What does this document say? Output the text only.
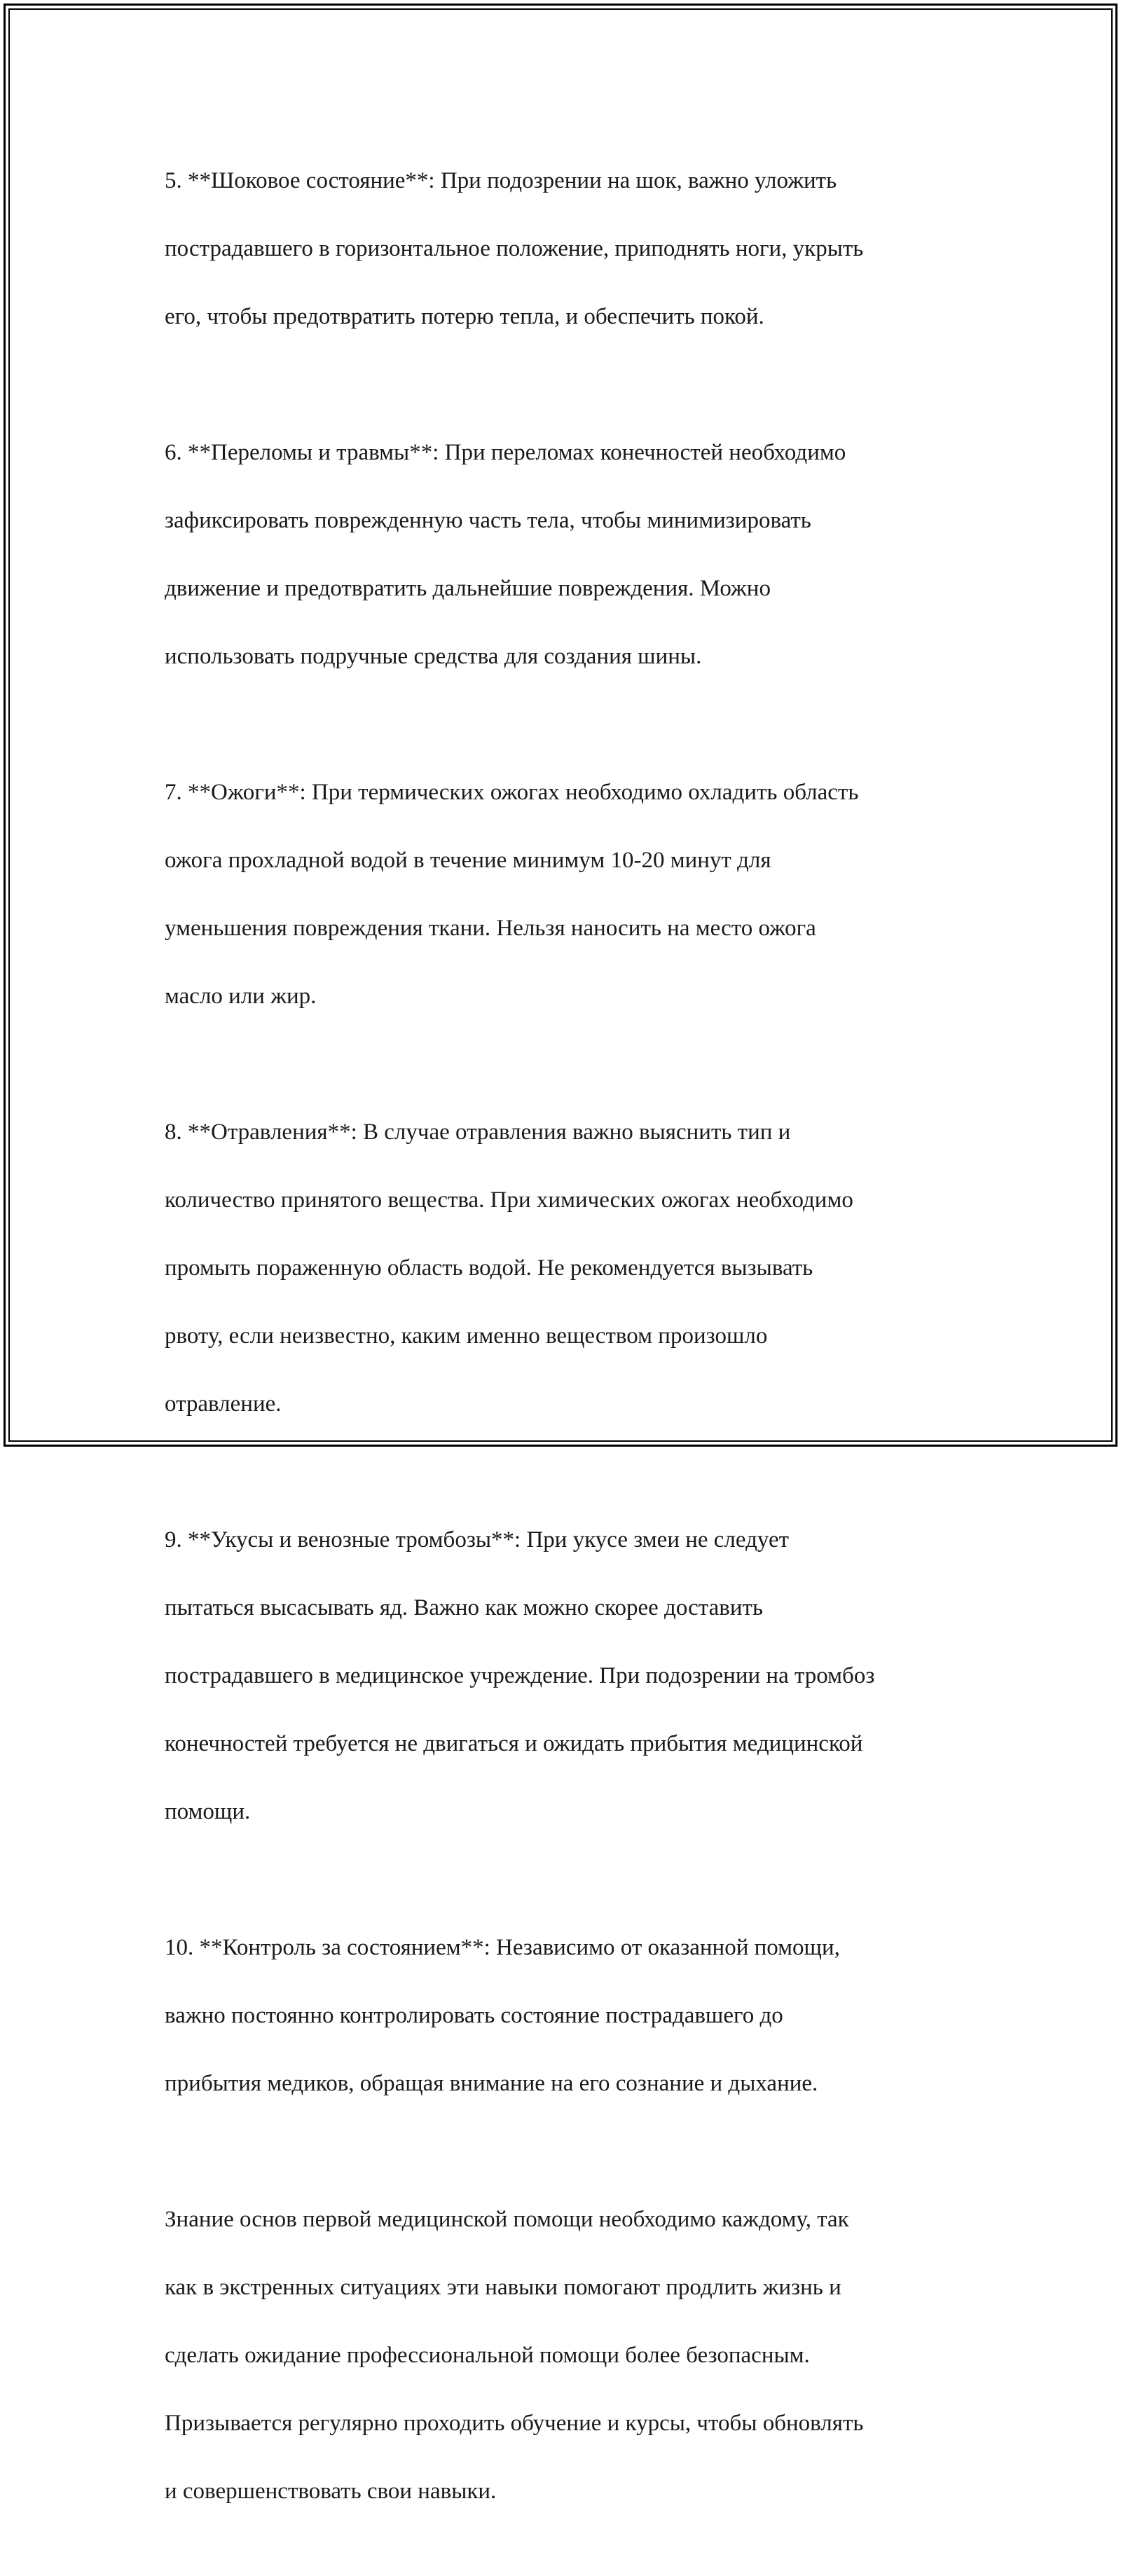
5. **Шоковое состояние**: При подозрении на шок, важно уложить

пострадавшего в горизонтальное положение, приподнять ноги, укрыть

его, чтобы предотвратить потерю тепла, и обеспечить покой.

6. **Переломы и травмы**: При переломах конечностей необходимо

зафиксировать поврежденную часть тела, чтобы минимизировать

движение и предотвратить дальнейшие повреждения. Можно

использовать подручные средства для создания шины.

7. **Ожоги**: При термических ожогах необходимо охладить область

ожога прохладной водой в течение минимум 10-20 минут для

уменьшения повреждения ткани. Нельзя наносить на место ожога

масло или жир.

8. **Отравления**: В случае отравления важно выяснить тип и

количество принятого вещества. При химических ожогах необходимо

промыть пораженную область водой. Не рекомендуется вызывать

рвоту, если неизвестно, каким именно веществом произошло

отравление.

9. **Укусы и венозные тромбозы**: При укусе змеи не следует

пытаться высасывать яд. Важно как можно скорее доставить

пострадавшего в медицинское учреждение. При подозрении на тромбоз

конечностей требуется не двигаться и ожидать прибытия медицинской

помощи.

10. **Контроль за состоянием**: Независимо от оказанной помощи,

важно постоянно контролировать состояние пострадавшего до

прибытия медиков, обращая внимание на его сознание и дыхание.

Знание основ первой медицинской помощи необходимо каждому, так

как в экстренных ситуациях эти навыки помогают продлить жизнь и

сделать ожидание профессиональной помощи более безопасным.

Призывается регулярно проходить обучение и курсы, чтобы обновлять

и совершенствовать свои навыки.
